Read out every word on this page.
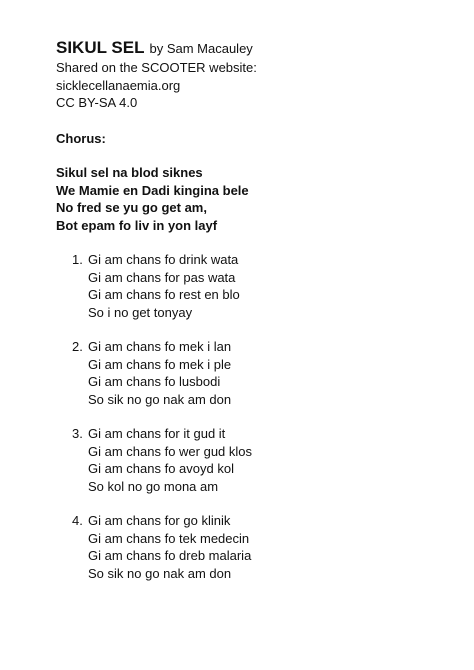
SIKUL SEL by Sam Macauley
Shared on the SCOOTER website:
sicklecellanaemia.org
CC BY-SA 4.0
Chorus:
Sikul sel na blod siknes
We Mamie en Dadi kingina bele
No fred se yu go get am,
Bot epam fo liv in yon layf
1. Gi am chans fo drink wata
Gi am chans for pas wata
Gi am chans fo rest en blo
So i no get tonyay
2. Gi am chans fo mek i lan
Gi am chans fo mek i ple
Gi am chans fo lusbodi
So sik no go nak am don
3. Gi am chans for it gud it
Gi am chans fo wer gud klos
Gi am chans fo avoyd kol
So kol no go mona am
4. Gi am chans for go klinik
Gi am chans fo tek medecin
Gi am chans fo dreb malaria
So sik no go nak am don
